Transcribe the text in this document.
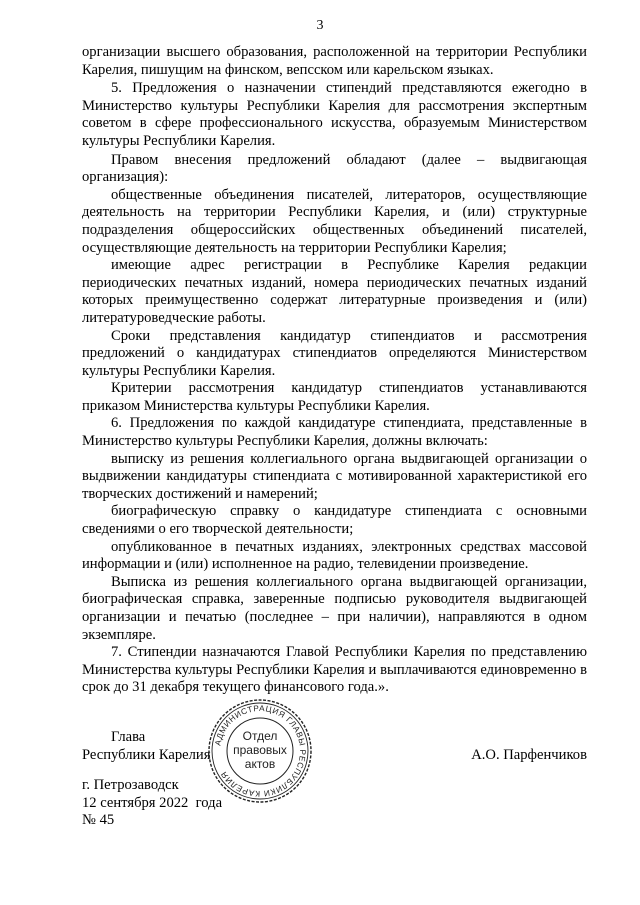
3

организации высшего образования, расположенной на территории Республики Карелия, пишущим на финском, вепсском или карельском языках.

5. Предложения о назначении стипендий представляются ежегодно в Министерство культуры Республики Карелия для рассмотрения экспертным советом в сфере профессионального искусства, образуемым Министерством культуры Республики Карелия.

Правом внесения предложений обладают (далее – выдвигающая организация):

общественные объединения писателей, литераторов, осуществляющие деятельность на территории Республики Карелия, и (или) структурные подразделения общероссийских общественных объединений писателей, осуществляющие деятельность на территории Республики Карелия;

имеющие адрес регистрации в Республике Карелия редакции периодических печатных изданий, номера периодических печатных изданий которых преимущественно содержат литературные произведения и (или) литературоведческие работы.

Сроки представления кандидатур стипендиатов и рассмотрения предложений о кандидатурах стипендиатов определяются Министерством культуры Республики Карелия.

Критерии рассмотрения кандидатур стипендиатов устанавливаются приказом Министерства культуры Республики Карелия.

6. Предложения по каждой кандидатуре стипендиата, представленные в Министерство культуры Республики Карелия, должны включать:

выписку из решения коллегиального органа выдвигающей организации о выдвижении кандидатуры стипендиата с мотивированной характеристикой его творческих достижений и намерений;

биографическую справку о кандидатуре стипендиата с основными сведениями о его творческой деятельности;

опубликованное в печатных изданиях, электронных средствах массовой информации и (или) исполненное на радио, телевидении произведение.

Выписка из решения коллегиального органа выдвигающей организации, биографическая справка, заверенные подписью руководителя выдвигающей организации и печатью (последнее – при наличии), направляются в одном экземпляре.

7. Стипендии назначаются Главой Республики Карелия по представлению Министерства культуры Республики Карелия и выплачиваются единовременно в срок до 31 декабря текущего финансового года.».

Глава
Республики Карелия	А.О. Парфенчиков
АДМИНИСТРАЦИЯ ГЛАВЫ РЕСПУБЛИКИ КАРЕЛИЯ
Отдел
правовых
актов
г. Петрозаводск
12 сентября 2022  года
№ 45
